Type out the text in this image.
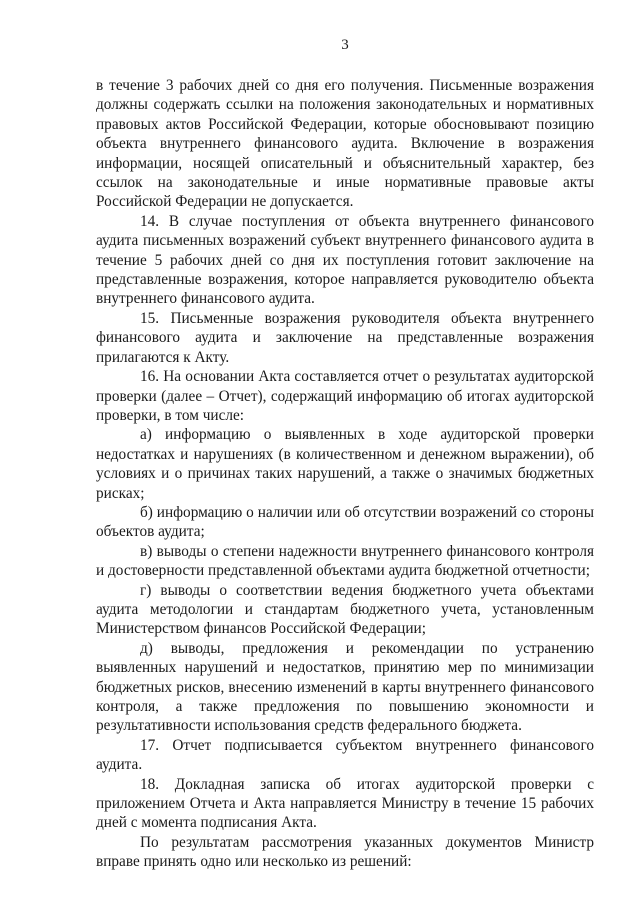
3

в течение 3 рабочих дней со дня его получения. Письменные возражения должны содержать ссылки на положения законодательных и нормативных правовых актов Российской Федерации, которые обосновывают позицию объекта внутреннего финансового аудита. Включение в возражения информации, носящей описательный и объяснительный характер, без ссылок на законодательные и иные нормативные правовые акты Российской Федерации не допускается.

14. В случае поступления от объекта внутреннего финансового аудита письменных возражений субъект внутреннего финансового аудита в течение 5 рабочих дней со дня их поступления готовит заключение на представленные возражения, которое направляется руководителю объекта внутреннего финансового аудита.

15. Письменные возражения руководителя объекта внутреннего финансового аудита и заключение на представленные возражения прилагаются к Акту.

16. На основании Акта составляется отчет о результатах аудиторской проверки (далее – Отчет), содержащий информацию об итогах аудиторской проверки, в том числе:

а) информацию о выявленных в ходе аудиторской проверки недостатках и нарушениях (в количественном и денежном выражении), об условиях и о причинах таких нарушений, а также о значимых бюджетных рисках;

б) информацию о наличии или об отсутствии возражений со стороны объектов аудита;

в) выводы о степени надежности внутреннего финансового контроля и достоверности представленной объектами аудита бюджетной отчетности;

г) выводы о соответствии ведения бюджетного учета объектами аудита методологии и стандартам бюджетного учета, установленным Министерством финансов Российской Федерации;

д) выводы, предложения и рекомендации по устранению выявленных нарушений и недостатков, принятию мер по минимизации бюджетных рисков, внесению изменений в карты внутреннего финансового контроля, а также предложения по повышению экономности и результативности использования средств федерального бюджета.

17. Отчет подписывается субъектом внутреннего финансового аудита.

18. Докладная записка об итогах аудиторской проверки с приложением Отчета и Акта направляется Министру в течение 15 рабочих дней с момента подписания Акта.

По результатам рассмотрения указанных документов Министр вправе принять одно или несколько из решений:
